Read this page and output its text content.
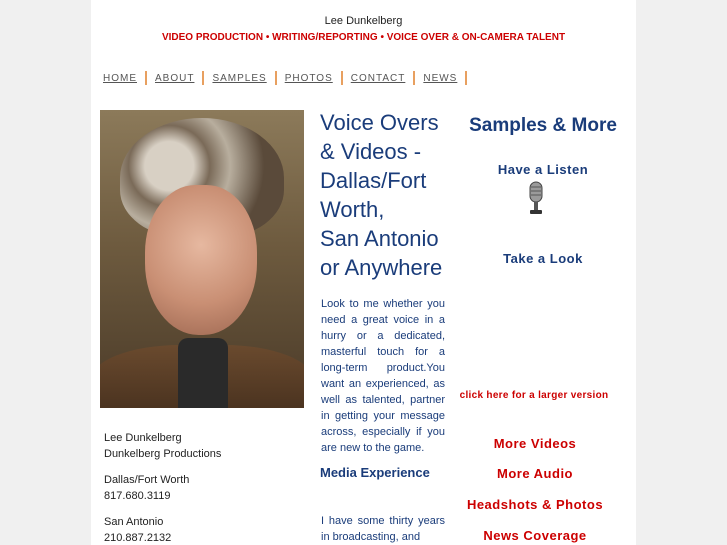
Lee Dunkelberg
VIDEO PRODUCTION • WRITING/REPORTING • VOICE OVER & ON-CAMERA TALENT
HOME ABOUT SAMPLES PHOTOS CONTACT NEWS
Lee Dunkelberg
Dunkelberg Productions
Dallas/Fort Worth
817.680.3119
San Antonio
210.887.2132
Voice Overs
& Videos -
Dallas/Fort
Worth,
San Antonio
or Anywhere

Look to me whether you need a great voice in a hurry or a dedicated, masterful touch for a long-term product.You want an experienced, as well as talented, partner in getting your message across, especially if you are new to the game.

Media Experience

I have some thirty years in broadcasting, and

Samples & More
Have a Listen
Take a Look
click here for a larger version
More Videos
More Audio
Headshots & Photos
News Coverage
